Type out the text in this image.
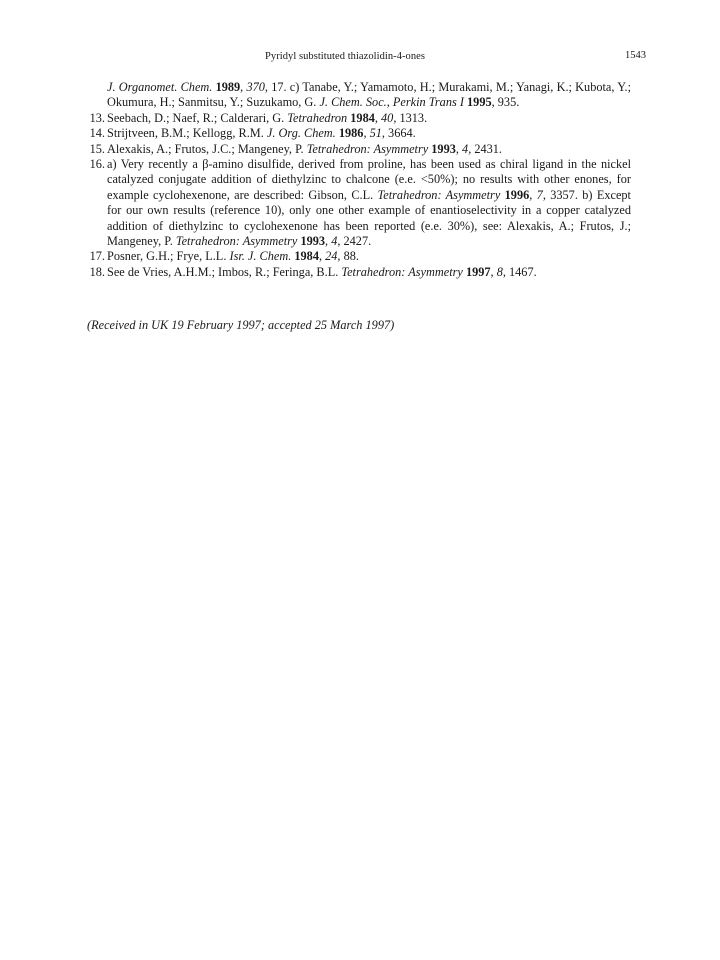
Pyridyl substituted thiazolidin-4-ones	1543
J. Organomet. Chem. 1989, 370, 17. c) Tanabe, Y.; Yamamoto, H.; Murakami, M.; Yanagi, K.; Kubota, Y.; Okumura, H.; Sanmitsu, Y.; Suzukamo, G. J. Chem. Soc., Perkin Trans I 1995, 935.
13. Seebach, D.; Naef, R.; Calderari, G. Tetrahedron 1984, 40, 1313.
14. Strijtveen, B.M.; Kellogg, R.M. J. Org. Chem. 1986, 51, 3664.
15. Alexakis, A.; Frutos, J.C.; Mangeney, P. Tetrahedron: Asymmetry 1993, 4, 2431.
16. a) Very recently a β-amino disulfide, derived from proline, has been used as chiral ligand in the nickel catalyzed conjugate addition of diethylzinc to chalcone (e.e. <50%); no results with other enones, for example cyclohexenone, are described: Gibson, C.L. Tetrahedron: Asymmetry 1996, 7, 3357. b) Except for our own results (reference 10), only one other example of enantioselectivity in a copper catalyzed addition of diethylzinc to cyclohexenone has been reported (e.e. 30%), see: Alexakis, A.; Frutos, J.; Mangeney, P. Tetrahedron: Asymmetry 1993, 4, 2427.
17. Posner, G.H.; Frye, L.L. Isr. J. Chem. 1984, 24, 88.
18. See de Vries, A.H.M.; Imbos, R.; Feringa, B.L. Tetrahedron: Asymmetry 1997, 8, 1467.
(Received in UK 19 February 1997; accepted 25 March 1997)
